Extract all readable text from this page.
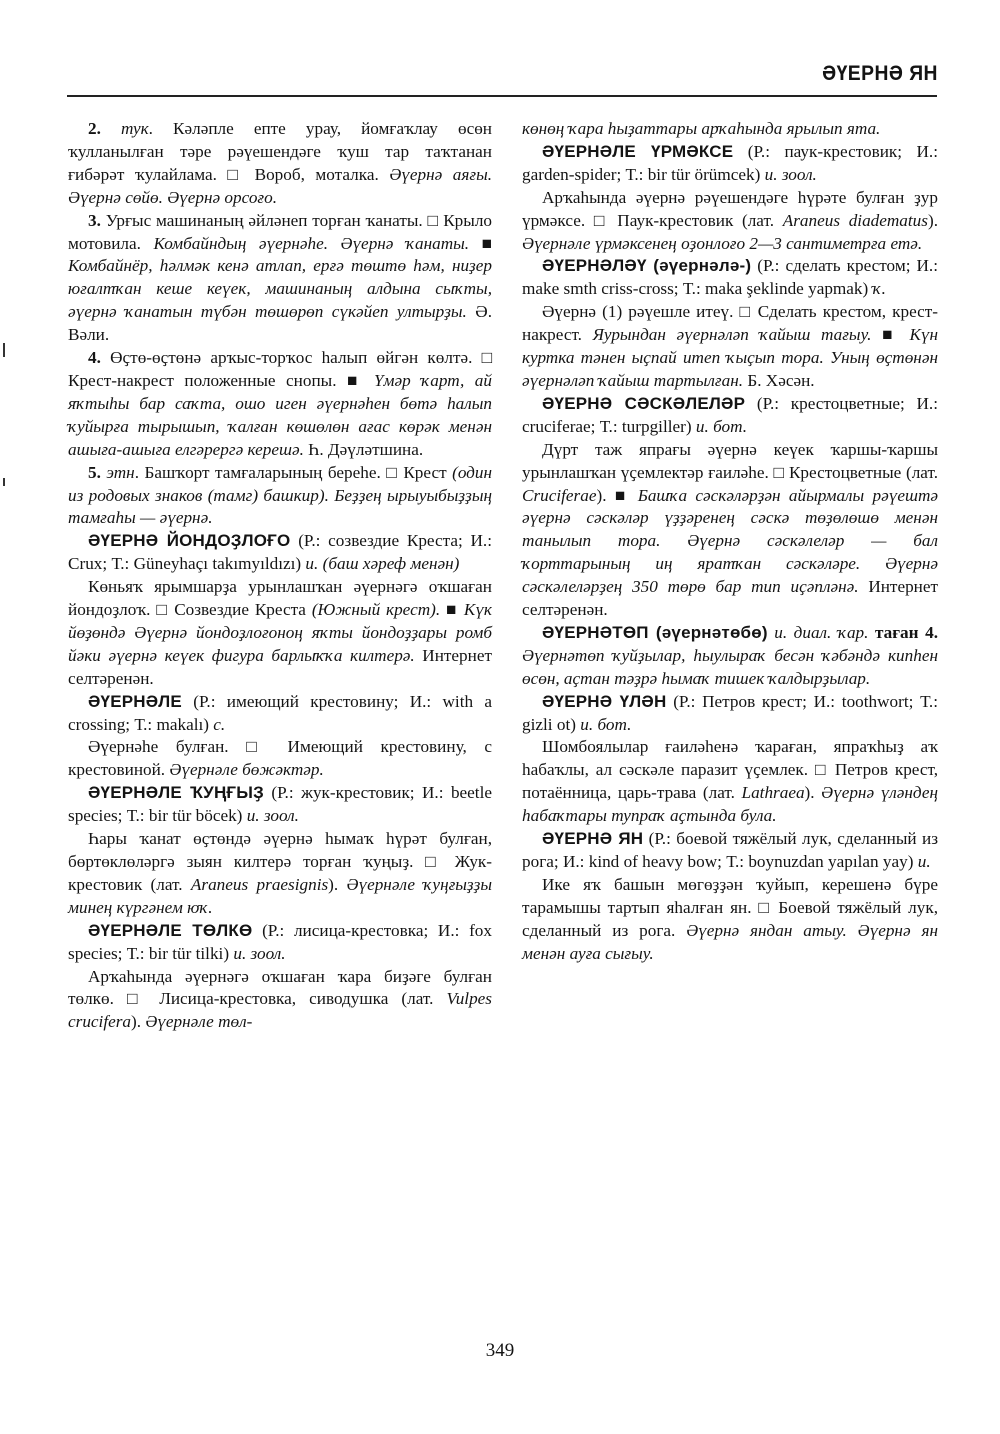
ӘҮЕРНӘ ЯН

2. тук. Кәләпле епте урау, йомғаҡлау өсөн ҡулланылған тәре рәүешендәге ҡуш тар таҡтанан ғибәрәт ҡулайлама. □ Вороб, моталка. Әүернә аяғы. Әүернә сөйө. Әүернә орсоғо.

3. Урғыс машинаның әйләнеп торған ҡанаты. □ Крыло мотовила. Комбайндың әүернәһе. Әүернә ҡанаты. ■ Комбайнёр, һәлмәк кенә атлап, ерғә төштө һәм, ниҙер юғалтҡан кеше кеүек, машинаның алдына сыҡты, әүернә ҡанатын түбән төшөрөп сүкәйеп ултырҙы. Ә. Вәли.

4. Өҫтө-өҫтөнә арҡыс-торҡос һалып өйгән көлтә. □ Крест-накрест положенные снопы. ■ Үмәр ҡарт, ай яҡтыһы бар саҡта, ошо иген әүернәһен бөтә һалып ҡуйырға тырышып, ҡалған көшөлөн ағас көрәк менән ашыға-ашыға елгәрергә керешә. Һ. Дәүләтшина.

5. этн. Башҡорт тамғаларының береһе. □ Крест (один из родовых знаков (тамг) башкир). Беҙҙең ырыуыбыҙҙың тамғаһы — әүернә.

ӘҮЕРНӘ ЙОНДОҘЛОҒО (Р.: созвездие Креста; И.: Crux; Т.: Güneyhaçı takımyıldızı) и. (баш хәреф менән)

Көньяҡ ярымшарҙа урынлашҡан әүернәгә оҡшаған йондоҙлоҡ. □ Созвездие Креста (Южный крест). ■ Күк йөҙөндә Әүернә йондоҙлоғоноң яҡты йондоҙҙары ромб йәки әүернә кеүек фигура барлыҡҡа килтерә. Интернет селтәренән.

ӘҮЕРНӘЛЕ (Р.: имеющий крестовину; И.: with a crossing; Т.: makalı) с.

Әүернәһе булған. □ Имеющий крестовину, с крестовиной. Әүернәле бөжәктәр.

ӘҮЕРНӘЛЕ ҠУҢҒЫҘ (Р.: жук-крестовик; И.: beetle species; Т.: bir tür böcek) и. зоол.

Һары ҡанат өҫтөндә әүернә һымаҡ һүрәт булған, бөртөклөләргә зыян килтерә торған ҡуңыҙ. □ Жук-крестовик (лат. Araneus praesignis). Әүернәле ҡуңғыҙҙы минең күргәнем юҡ.

ӘҮЕРНӘЛЕ ТӨЛКӨ (Р.: лисица-крестовка; И.: fox species; Т.: bir tür tilki) и. зоол.

Арҡаһында әүернәгә оҡшаған ҡара биҙәге булған төлкө. □ Лисица-крестовка, сиводушка (лат. Vulpes crucifera). Әүернәле төл-

көнөң ҡара һыҙаттары арҡаһында ярылып ята.

ӘҮЕРНӘЛЕ ҮРМӘКСЕ (Р.: паук-крестовик; И.: garden-spider; Т.: bir tür örümcek) и. зоол.

Арҡаһында әүернә рәүешендәге һүрәте булған ҙур үрмәксе. □ Паук-крестовик (лат. Araneus diadematus). Әүернәле үрмәксенең оҙонлоғо 2—3 сантиметрға етә.

ӘҮЕРНӘЛӘҮ (әүернәлә-) (Р.: сделать крестом; И.: make smth criss-cross; Т.: maka şeklinde yapmak) ҡ.

Әүернә (1) рәүешле итеү. □ Сделать крестом, крест-накрест. Яурындан әүернәләп ҡайыш тағыу. ■ Күн куртка тәнен ыҫпай итеп ҡыҫып тора. Уның өҫтөнән әүернәләп ҡайыш тартылған. Б. Хәсән.

ӘҮЕРНӘ СӘСКӘЛЕЛӘР (Р.: крестоцветные; И.: cruciferae; Т.: turpgiller) и. бот.

Дүрт таж япрағы әүернә кеүек ҡаршы-ҡаршы урынлашҡан үҫемлектәр ғаиләһе. □ Крестоцветные (лат. Cruciferae). ■ Башҡа сәскәләрҙән айырмалы рәүештә әүернә сәскәләр үҙҙәренең сәскә төҙөлөшө менән танылып тора. Әүернә сәскәлеләр — бал ҡорттарының иң яратҡан сәскәләре. Әүернә сәскәлеләрҙең 350 төрө бар тип иҫәпләнә. Интернет селтәренән.

ӘҮЕРНӘТӨП (әүернәтөбө) и. диал. ҡар. таған 4. Әүернәтөп ҡуйҙылар, һыулыраҡ бесән ҡәбәндә кипһен өсөн, аҫтан тәҙрә һымаҡ тишек ҡалдырҙылар.

ӘҮЕРНӘ ҮЛӘН (Р.: Петров крест; И.: toothwort; Т.: gizli ot) и. бот.

Шомбоялылар ғаиләһенә ҡараған, япраҡһыҙ аҡ һабаҡлы, ал сәскәле паразит үҫемлек. □ Петров крест, потаённица, царь-трава (лат. Lathraea). Әүернә үләндең һабаҡтары тупраҡ аҫтында була.

ӘҮЕРНӘ ЯН (Р.: боевой тяжёлый лук, сделанный из рога; И.: kind of heavy bow; Т.: boynuzdan yapılan yay) и.

Ике яҡ башын мөгөҙҙән ҡуйып, керешенә бүре тарамышы тартып яһалған ян. □ Боевой тяжёлый лук, сделанный из рога. Әүернә яндан атыу. Әүернә ян менән ауға сығыу.

349
